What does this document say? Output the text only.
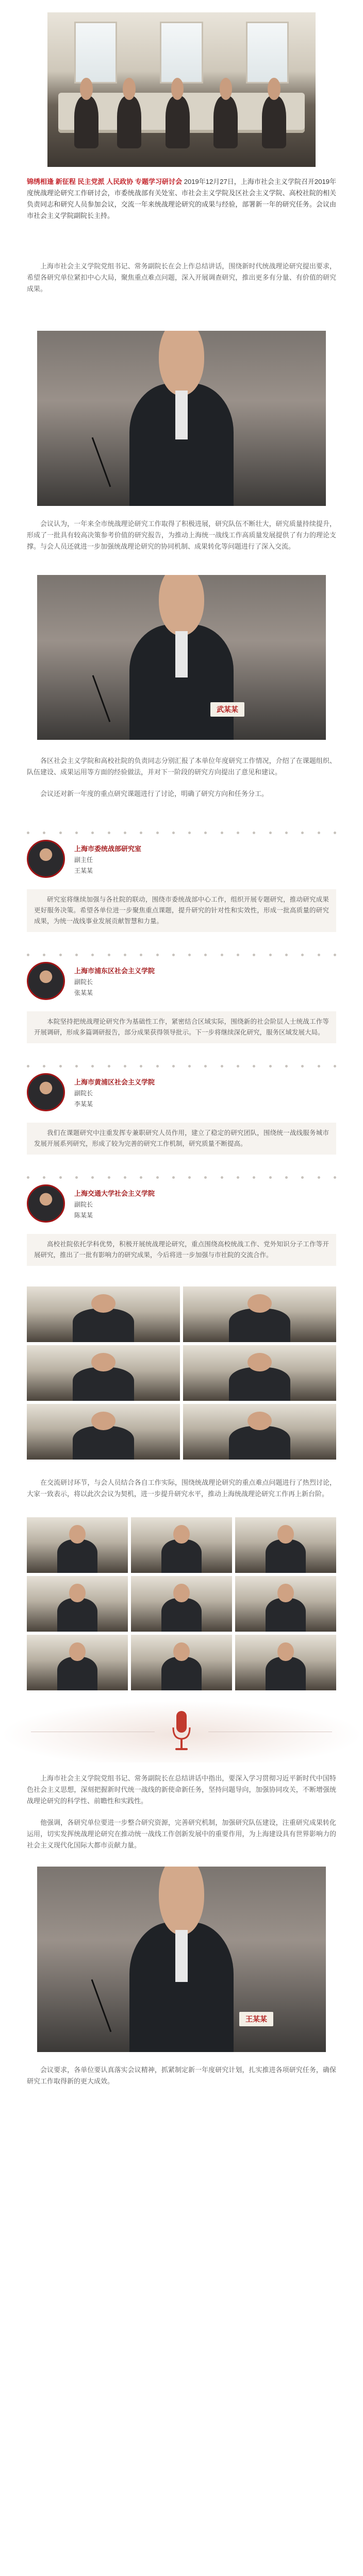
锦绣相逢 新征程 民主党派 人民政协 专题学习研讨会 2019年12月27日，上海市社会主义学院召开2019年度统战理论研究工作研讨会，市委统战部有关处室、市社会主义学院及区社会主义学院、高校社院的相关负责同志和研究人员参加会议，交流一年来统战理论研究的成果与经验，部署新一年的研究任务。会议由市社会主义学院副院长主持。
上海市社会主义学院党组书记、常务副院长在会上作总结讲话，围绕新时代统战理论研究提出要求，希望各研究单位紧扣中心大局，聚焦重点难点问题，深入开展调查研究，推出更多有分量、有价值的研究成果。
会议认为，一年来全市统战理论研究工作取得了积极进展，研究队伍不断壮大，研究质量持续提升，形成了一批具有较高决策参考价值的研究报告，为推动上海统一战线工作高质量发展提供了有力的理论支撑。与会人员还就进一步加强统战理论研究的协同机制、成果转化等问题进行了深入交流。
武某某
各区社会主义学院和高校社院的负责同志分别汇报了本单位年度研究工作情况，介绍了在课题组织、队伍建设、成果运用等方面的经验做法，并对下一阶段的研究方向提出了意见和建议。
会议还对新一年度的重点研究课题进行了讨论，明确了研究方向和任务分工。
上海市委统战部研究室
副主任
王某某
研究室将继续加强与各社院的联动，围绕市委统战部中心工作，组织开展专题研究，推动研究成果更好服务决策。希望各单位进一步聚焦重点课题，提升研究的针对性和实效性，形成一批高质量的研究成果，为统一战线事业发展贡献智慧和力量。
上海市浦东区社会主义学院
副院长
张某某
本院坚持把统战理论研究作为基础性工作，紧密结合区域实际，围绕新的社会阶层人士统战工作等开展调研，形成多篇调研报告，部分成果获得领导批示。下一步将继续深化研究，服务区域发展大局。
上海市黄浦区社会主义学院
副院长
李某某
我们在课题研究中注重发挥专兼职研究人员作用，建立了稳定的研究团队，围绕统一战线服务城市发展开展系列研究，形成了较为完善的研究工作机制，研究质量不断提高。
上海交通大学社会主义学院
副院长
陈某某
高校社院依托学科优势，积极开展统战理论研究，重点围绕高校统战工作、党外知识分子工作等开展研究，推出了一批有影响力的研究成果，今后将进一步加强与市社院的交流合作。
在交流研讨环节，与会人员结合各自工作实际，围绕统战理论研究的重点难点问题进行了热烈讨论，大家一致表示，将以此次会议为契机，进一步提升研究水平，推动上海统战理论研究工作再上新台阶。
上海市社会主义学院党组书记、常务副院长在总结讲话中指出，要深入学习贯彻习近平新时代中国特色社会主义思想，深刻把握新时代统一战线的新使命新任务，坚持问题导向，加强协同攻关，不断增强统战理论研究的科学性、前瞻性和实践性。
他强调，各研究单位要进一步整合研究资源，完善研究机制，加强研究队伍建设，注重研究成果转化运用，切实发挥统战理论研究在推动统一战线工作创新发展中的重要作用，为上海建设具有世界影响力的社会主义现代化国际大都市贡献力量。
王某某
会议要求，各单位要认真落实会议精神，抓紧制定新一年度研究计划，扎实推进各项研究任务，确保研究工作取得新的更大成效。
